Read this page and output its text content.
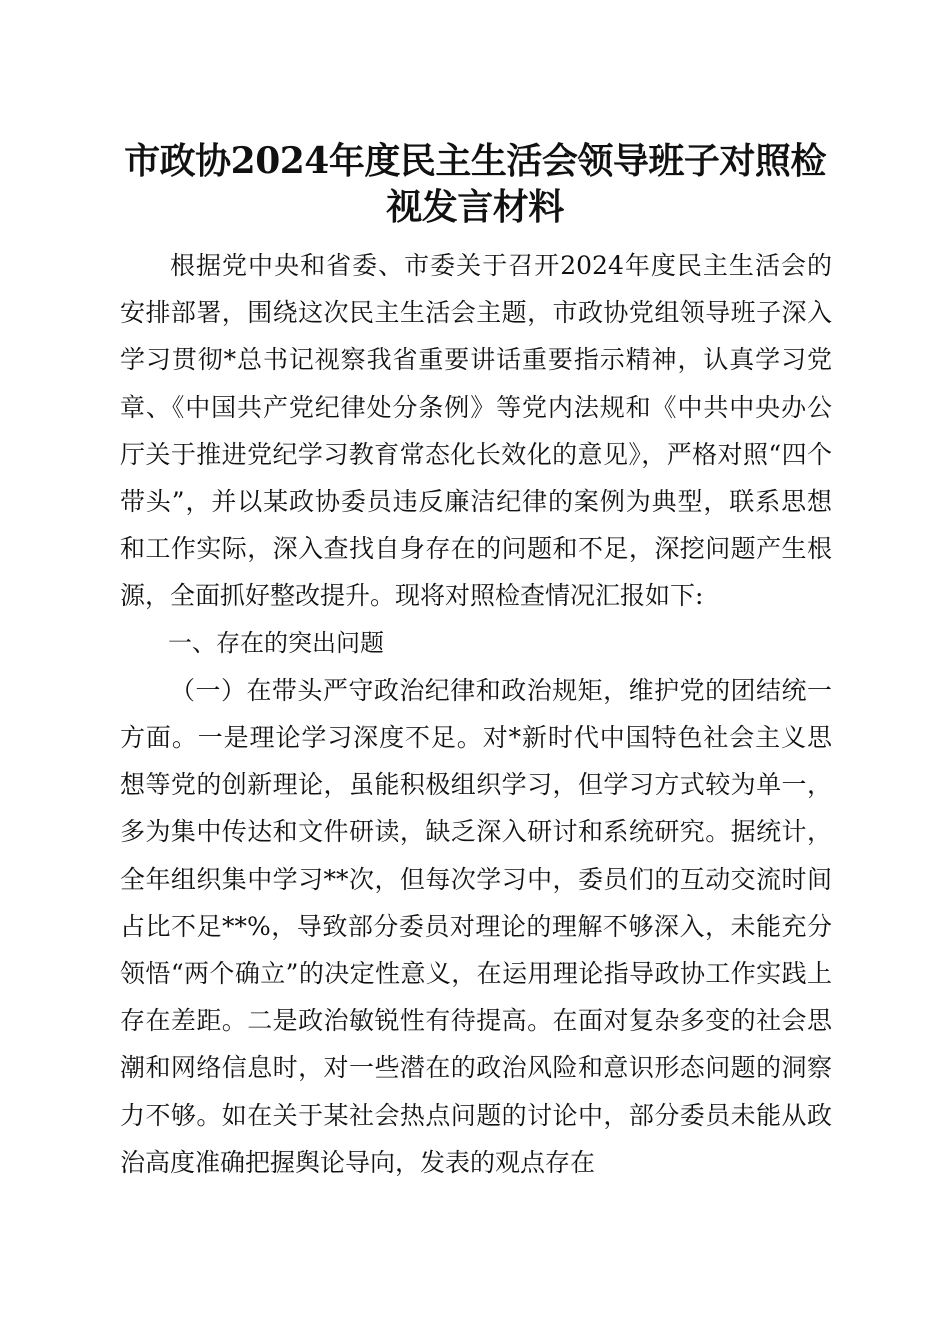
市政协2024年度民主生活会领导班子对照检
视发言材料

根据党中央和省委、市委关于召开2024年度民主生活会的安排部署，围绕这次民主生活会主题，市政协党组领导班子深入学习贯彻*总书记视察我省重要讲话重要指示精神，认真学习党章、《中国共产党纪律处分条例》等党内法规和《中共中央办公厅关于推进党纪学习教育常态化长效化的意见》，严格对照“四个带头”，并以某政协委员违反廉洁纪律的案例为典型，联系思想和工作实际，深入查找自身存在的问题和不足，深挖问题产生根源，全面抓好整改提升。现将对照检查情况汇报如下:

一、存在的突出问题

（一）在带头严守政治纪律和政治规矩，维护党的团结统一方面。一是理论学习深度不足。对*新时代中国特色社会主义思想等党的创新理论，虽能积极组织学习，但学习方式较为单一，多为集中传达和文件研读，缺乏深入研讨和系统研究。据统计，全年组织集中学习**次，但每次学习中，委员们的互动交流时间占比不足**%，导致部分委员对理论的理解不够深入，未能充分领悟“两个确立”的决定性意义，在运用理论指导政协工作实践上存在差距。二是政治敏锐性有待提高。在面对复杂多变的社会思潮和网络信息时，对一些潜在的政治风险和意识形态问题的洞察力不够。如在关于某社会热点问题的讨论中，部分委员未能从政治高度准确把握舆论导向，发表的观点存在
